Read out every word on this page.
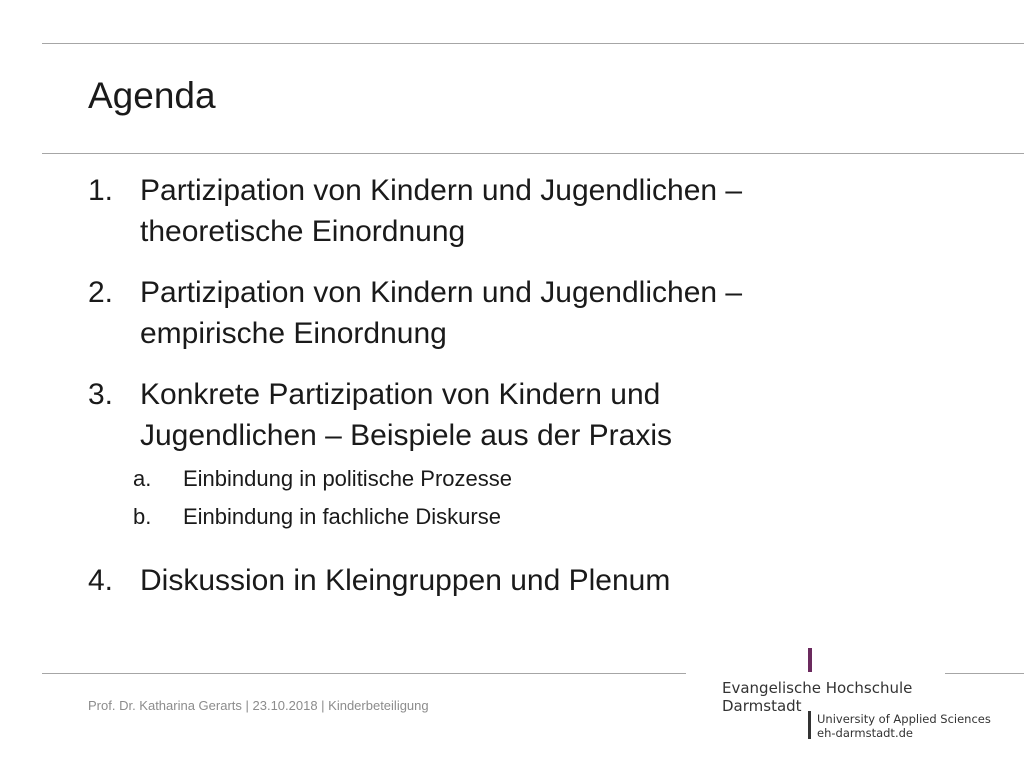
Agenda
1. Partizipation von Kindern und Jugendlichen –
theoretische Einordnung
2. Partizipation von Kindern und Jugendlichen –
empirische Einordnung
3. Konkrete Partizipation von Kindern und
Jugendlichen – Beispiele aus der Praxis
a. Einbindung in politische Prozesse
b. Einbindung in fachliche Diskurse
4. Diskussion in Kleingruppen und Plenum
Prof. Dr. Katharina Gerarts | 23.10.2018 | Kinderbeteiligung
Evangelische Hochschule
Darmstadt
University of Applied Sciences
eh-darmstadt.de
